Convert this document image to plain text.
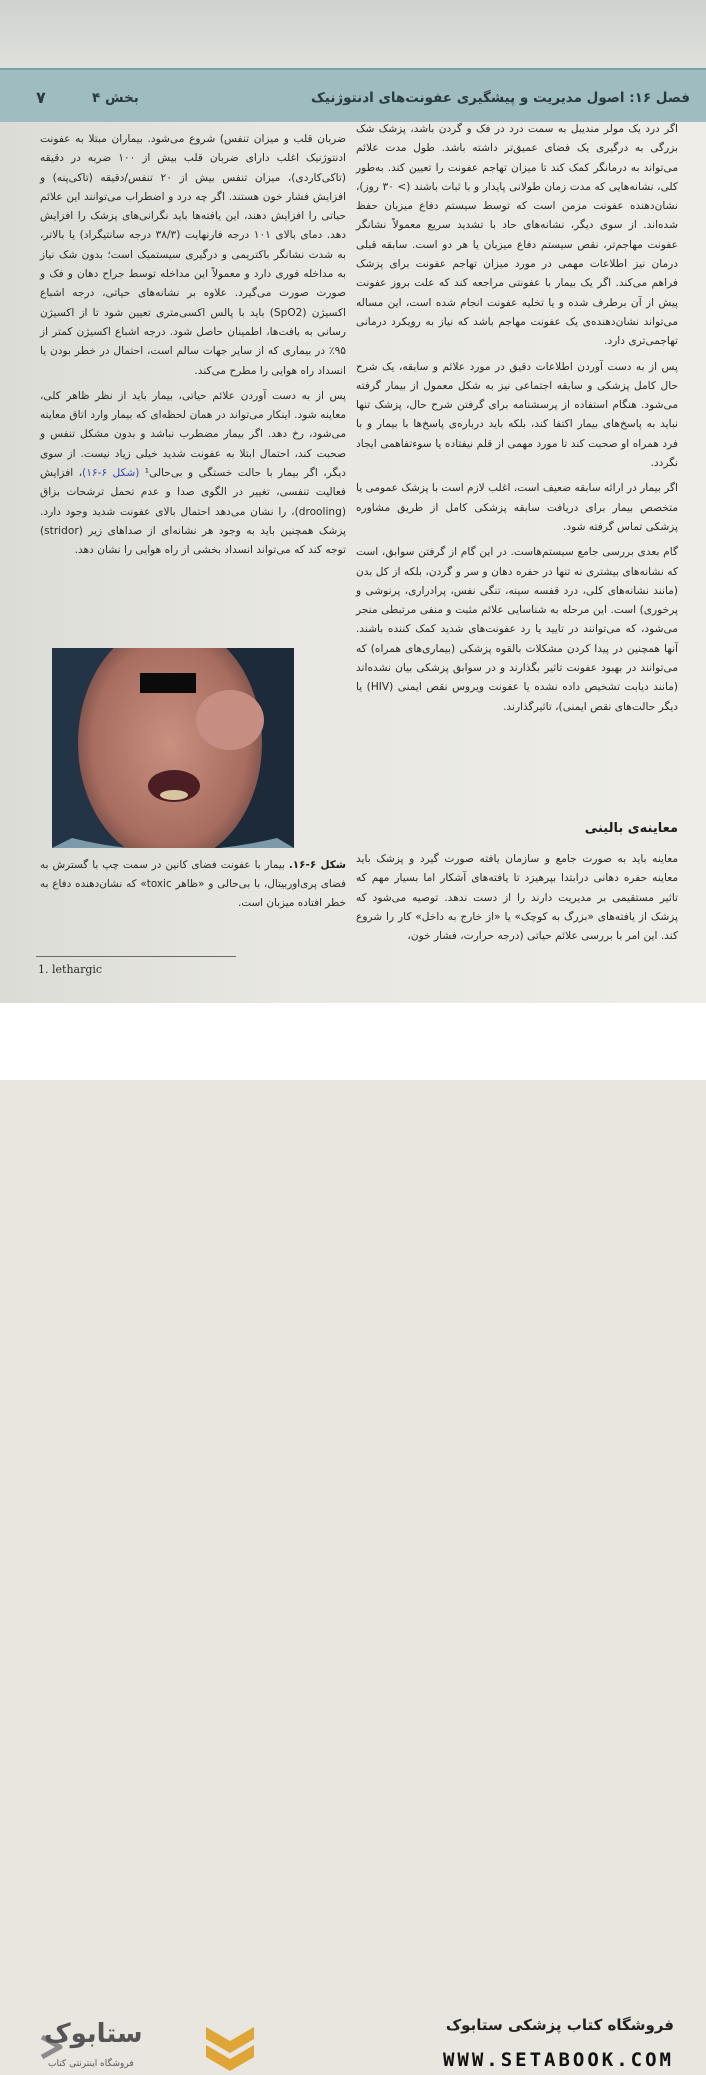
فصل ۱۶: اصول مدیریت و پیشگیری عفونت‌های ادنتوژنیک
بخش ۴
۷

اگر درد یک مولر مندیبل به سمت درد در فک و گردن باشد، پزشک شک بزرگی به درگیری یک فضای عمیق‌تر داشته باشد. طول مدت علائم می‌تواند به درمانگر کمک کند تا میزان تهاجم عفونت را تعیین کند. به‌طور کلی، نشانه‌هایی که مدت زمان طولانی پایدار و با ثبات باشند (> ۳۰ روز)، نشان‌دهنده عفونت مزمن است که توسط سیستم دفاع میزبان حفظ شده‌اند. از سوی دیگر، نشانه‌های حاد با تشدید سریع معمولاً نشانگر عفونت مهاجم‌تر، نقص سیستم دفاع میزبان یا هر دو است. سابقه قبلی درمان نیز اطلاعات مهمی در مورد میزان تهاجم عفونت برای پزشک فراهم می‌کند. اگر یک بیمار با عفونتی مراجعه کند که علت بروز عفونت پیش از آن برطرف شده و یا تخلیه عفونت انجام شده است، این مساله می‌تواند نشان‌دهنده‌ی یک عفونت مهاجم باشد که نیاز به رویکرد درمانی تهاجمی‌تری دارد.

پس از به دست آوردن اطلاعات دقیق در مورد علائم و سابقه، یک شرح حال کامل پزشکی و سابقه اجتماعی نیز به شکل معمول از بیمار گرفته می‌شود. هنگام استفاده از پرسشنامه برای گرفتن شرح حال، پزشک تنها نباید به پاسخ‌های بیمار اکتفا کند، بلکه باید درباره‌ی پاسخ‌ها با بیمار و با فرد همراه او صحبت کند تا مورد مهمی از قلم نیفتاده یا سوءتفاهمی ایجاد نگردد.

اگر بیمار در ارائه سابقه ضعیف است، اغلب لازم است با پزشک عمومی یا متخصص بیمار برای دریافت سابقه پزشکی کامل از طریق مشاوره پزشکی تماس گرفته شود.

گام بعدی بررسی جامع سیستم‌هاست. در این گام از گرفتن سوابق، است که نشانه‌های بیشتری نه تنها در حفره دهان و سر و گردن، بلکه از کل بدن (مانند نشانه‌های کلی، درد قفسه سینه، تنگی نفس، پرادراری، پرنوشی و پرخوری) است. این مرحله به شناسایی علائم مثبت و منفی مرتبطی منجر می‌شود، که می‌توانند در تایید یا رد عفونت‌های شدید کمک کننده باشند. آنها همچنین در پیدا کردن مشکلات بالقوه پزشکی (بیماری‌های همراه) که می‌توانند در بهبود عفونت تاثیر بگذارند و در سوابق پزشکی بیان نشده‌اند (مانند دیابت تشخیص داده نشده یا عفونت ویروس نقص ایمنی (HIV) یا دیگر حالت‌های نقص ایمنی)، تاثیرگذارند.

معاینه‌ی بالینی

معاینه باید به صورت جامع و سازمان یافته صورت گیرد و پزشک باید معاینه حفره دهانی درابتدا بپرهیزد تا یافته‌های آشکار اما بسیار مهم که تاثیر مستقیمی بر مدیریت دارند را از دست ندهد. توصیه می‌شود که پزشک از یافته‌های «بزرگ به کوچک» یا «از خارج به داخل» کار را شروع کند. این امر با بررسی علائم حیاتی (درجه حرارت، فشار خون،

ضربان قلب و میزان تنفس) شروع می‌شود. بیماران مبتلا به عفونت ادنتوژنیک اغلب دارای ضربان قلب بیش از ۱۰۰ ضربه در دقیقه (تاکی‌کاردی)، میزان تنفس بیش از ۲۰ تنفس/دقیقه (تاکی‌پنه) و افزایش فشار خون هستند. اگر چه درد و اضطراب می‌توانند این علائم حیاتی را افزایش دهند، این یافته‌ها باید نگرانی‌های پزشک را افزایش دهد. دمای بالای ۱۰۱ درجه فارنهایت (۳۸/۳ درجه سانتیگراد) یا بالاتر، به شدت نشانگر باکتریمی و درگیری سیستمیک است؛ بدون شک نیاز به مداخله فوری دارد و معمولاً این مداخله توسط جراح دهان و فک و صورت صورت می‌گیرد. علاوه بر نشانه‌های حیاتی، درجه اشباع اکسیژن (SpO2) باید با پالس اکسی‌متری تعیین شود تا از اکسیژن رسانی به بافت‌ها، اطمینان حاصل شود. درجه اشباع اکسیژن کمتر از ۹۵٪ در بیماری که از سایر جهات سالم است، احتمال در خطر بودن یا انسداد راه هوایی را مطرح می‌کند.

پس از به دست آوردن علائم حیاتی، بیمار باید از نظر ظاهر کلی، معاینه شود. اینکار می‌تواند در همان لحظه‌ای که بیمار وارد اتاق معاینه می‌شود، رخ دهد. اگر بیمار مضطرب نباشد و بدون مشکل تنفس و صحبت کند، احتمال ابتلا به عفونت شدید خیلی زیاد نیست. از سوی دیگر، اگر بیمار با حالت خستگی و بی‌حالی¹ (شکل ۶-۱۶)، افزایش فعالیت تنفسی، تغییر در الگوی صدا و عدم تحمل ترشحات بزاق (drooling)، را نشان می‌دهد احتمال بالای عفونت شدید وجود دارد. پزشک همچنین باید به وجود هر نشانه‌ای از صداهای زیر (stridor) توجه کند که می‌تواند انسداد بخشی از راه هوایی را نشان دهد.

شکل ۶-۱۶. بیمار با عفونت فضای کانین در سمت چپ با گسترش به فضای پری‌اوربیتال، با بی‌حالی و «ظاهر toxic» که نشان‌دهنده دفاع به خطر افتاده میزبان است.
1. lethargic
ستابوک
فروشگاه اینترنتی کتاب
فروشگاه کتاب پزشکی ستابوک
WWW.SETABOOK.COM
